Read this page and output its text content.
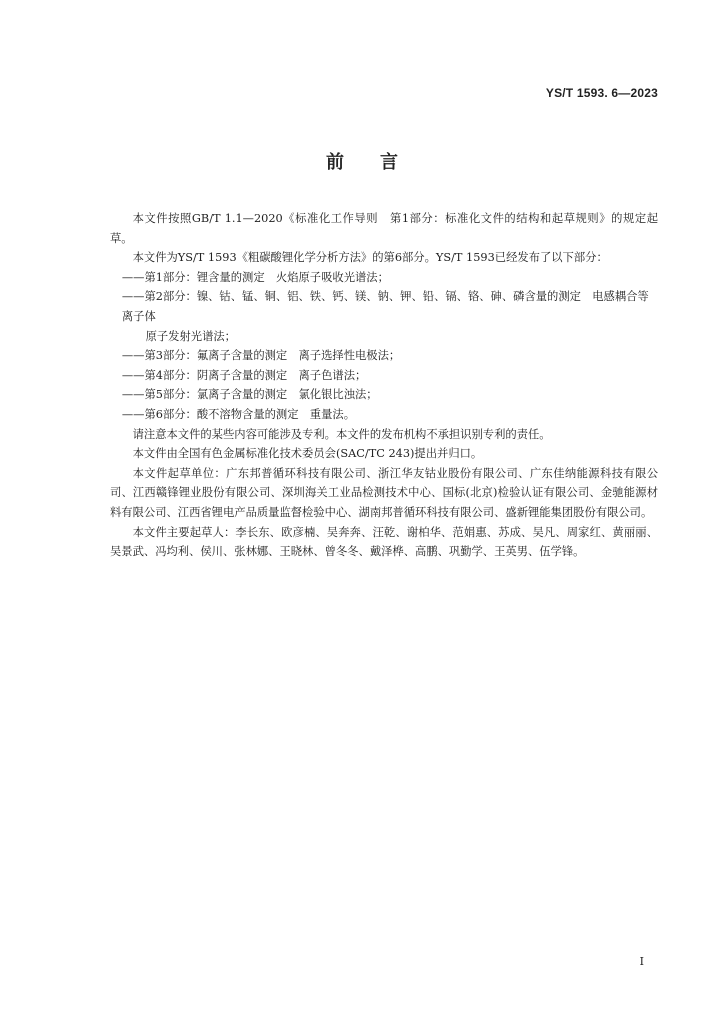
YS/T 1593. 6—2023
前 言

本文件按照GB/T 1.1—2020《标准化工作导则　第1部分：标准化文件的结构和起草规则》的规定起草。

本文件为YS/T 1593《粗碳酸锂化学分析方法》的第6部分。YS/T 1593已经发布了以下部分：

——第1部分：锂含量的测定　火焰原子吸收光谱法；

——第2部分：镍、钴、锰、铜、铝、铁、钙、镁、钠、钾、铅、镉、铬、砷、磷含量的测定　电感耦合等离子体
原子发射光谱法；

——第3部分：氟离子含量的测定　离子选择性电极法；

——第4部分：阴离子含量的测定　离子色谱法；

——第5部分：氯离子含量的测定　氯化银比浊法；

——第6部分：酸不溶物含量的测定　重量法。

请注意本文件的某些内容可能涉及专利。本文件的发布机构不承担识别专利的责任。

本文件由全国有色金属标准化技术委员会(SAC/TC 243)提出并归口。

本文件起草单位：广东邦普循环科技有限公司、浙江华友钴业股份有限公司、广东佳纳能源科技有限公司、江西赣锋锂业股份有限公司、深圳海关工业品检测技术中心、国标(北京)检验认证有限公司、金驰能源材料有限公司、江西省锂电产品质量监督检验中心、湖南邦普循环科技有限公司、盛新锂能集团股份有限公司。

本文件主要起草人：李长东、欧彦楠、吴奔奔、汪乾、谢柏华、范娟惠、苏成、吴凡、周家红、黄丽丽、吴景武、冯均利、侯川、张林娜、王晓林、曾冬冬、戴泽桦、高鹏、巩勤学、王英男、伍学锋。

I
